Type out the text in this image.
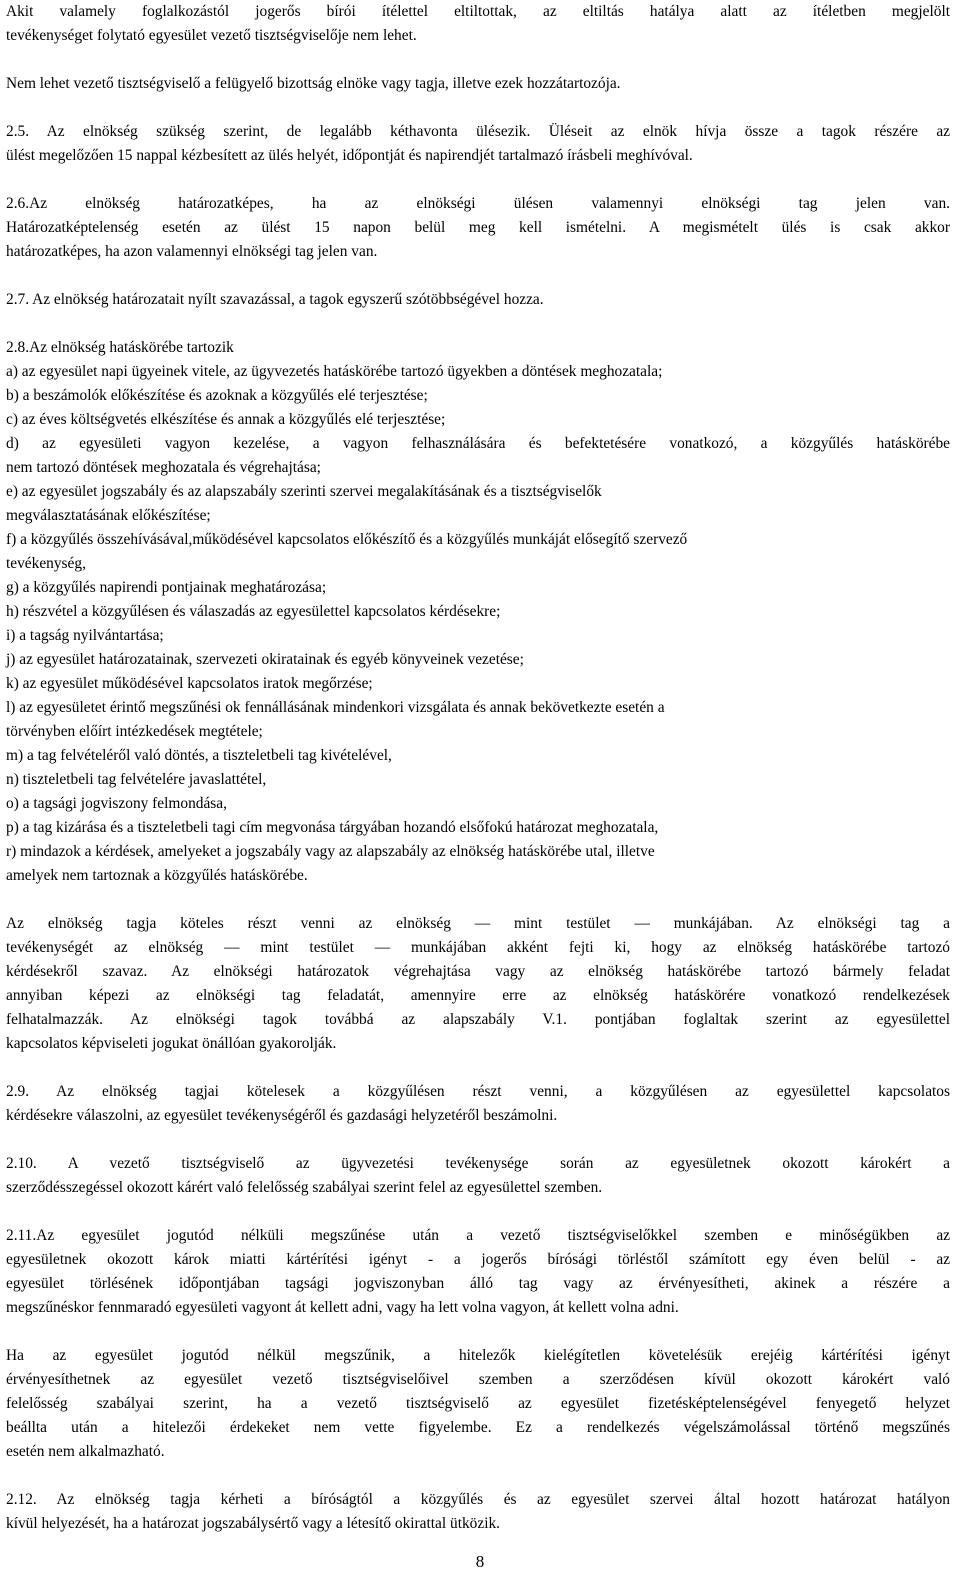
Akit valamely foglalkozástól jogerős bírói ítélettel eltiltottak, az eltiltás hatálya alatt az ítéletben megjelölt
tevékenységet folytató egyesület vezető tisztségviselője nem lehet.
Nem lehet vezető tisztségviselő a felügyelő bizottság elnöke vagy tagja, illetve ezek hozzátartozója.
2.5. Az elnökség szükség szerint, de legalább kéthavonta ülésezik. Üléseit az elnök hívja össze a tagok részére az
ülést megelőzően 15 nappal kézbesített az ülés helyét, időpontját és napirendjét tartalmazó írásbeli meghívóval.
2.6.Az elnökség határozatképes, ha az elnökségi ülésen valamennyi elnökségi tag jelen van.
Határozatképtelenség esetén az ülést 15 napon belül meg kell ismételni. A megismételt ülés is csak akkor
határozatképes, ha azon valamennyi elnökségi tag jelen van.
2.7. Az elnökség határozatait nyílt szavazással, a tagok egyszerű szótöbbségével hozza.
2.8.Az elnökség hatáskörébe tartozik
a) az egyesület napi ügyeinek vitele, az ügyvezetés hatáskörébe tartozó ügyekben a döntések meghozatala;
b) a beszámolók előkészítése és azoknak a közgyűlés elé terjesztése;
c) az éves költségvetés elkészítése és annak a közgyűlés elé terjesztése;
d) az egyesületi vagyon kezelése, a vagyon felhasználására és befektetésére vonatkozó, a közgyűlés hatáskörébe
nem tartozó döntések meghozatala és végrehajtása;
e) az egyesület jogszabály és az alapszabály szerinti szervei megalakításának és a tisztségviselők
megválasztatásának előkészítése;
f) a közgyűlés összehívásával,működésével kapcsolatos előkészítő és a közgyűlés munkáját elősegítő szervező
tevékenység,
g) a közgyűlés napirendi pontjainak meghatározása;
h) részvétel a közgyűlésen és válaszadás az egyesülettel kapcsolatos kérdésekre;
i) a tagság nyilvántartása;
j) az egyesület határozatainak, szervezeti okiratainak és egyéb könyveinek vezetése;
k) az egyesület működésével kapcsolatos iratok megőrzése;
l) az egyesületet érintő megszűnési ok fennállásának mindenkori vizsgálata és annak bekövetkezte esetén a
törvényben előírt intézkedések megtétele;
m) a tag felvételéről való döntés, a tiszteletbeli tag kivételével,
n) tiszteletbeli tag felvételére javaslattétel,
o) a tagsági jogviszony felmondása,
p) a tag kizárása és a tiszteletbeli tagi cím megvonása tárgyában hozandó elsőfokú határozat meghozatala,
r) mindazok a kérdések, amelyeket a jogszabály vagy az alapszabály az elnökség hatáskörébe utal, illetve
amelyek nem tartoznak a közgyűlés hatáskörébe.
Az elnökség tagja köteles részt venni az elnökség — mint testület — munkájában. Az elnökségi tag a
tevékenységét az elnökség — mint testület — munkájában akként fejti ki, hogy az elnökség hatáskörébe tartozó
kérdésekről szavaz. Az elnökségi határozatok végrehajtása vagy az elnökség hatáskörébe tartozó bármely feladat
annyiban képezi az elnökségi tag feladatát, amennyire erre az elnökség hatáskörére vonatkozó rendelkezések
felhatalmazzák. Az elnökségi tagok továbbá az alapszabály V.1. pontjában foglaltak szerint az egyesülettel
kapcsolatos képviseleti jogukat önállóan gyakorolják.
2.9. Az elnökség tagjai kötelesek a közgyűlésen részt venni, a közgyűlésen az egyesülettel kapcsolatos
kérdésekre válaszolni, az egyesület tevékenységéről és gazdasági helyzetéről beszámolni.
2.10. A vezető tisztségviselő az ügyvezetési tevékenysége során az egyesületnek okozott károkért a
szerződésszegéssel okozott kárért való felelősség szabályai szerint felel az egyesülettel szemben.
2.11.Az egyesület jogutód nélküli megszűnése után a vezető tisztségviselőkkel szemben e minőségükben az
egyesületnek okozott károk miatti kártérítési igényt - a jogerős bírósági törléstől számított egy éven belül - az
egyesület törlésének időpontjában tagsági jogviszonyban álló tag vagy az érvényesítheti, akinek a részére a
megszűnéskor fennmaradó egyesületi vagyont át kellett adni, vagy ha lett volna vagyon, át kellett volna adni.
Ha az egyesület jogutód nélkül megszűnik, a hitelezők kielégítetlen követelésük erejéig kártérítési igényt
érvényesíthetnek az egyesület vezető tisztségviselőivel szemben a szerződésen kívül okozott károkért való
felelősség szabályai szerint, ha a vezető tisztségviselő az egyesület fizetésképtelenségével fenyegető helyzet
beállta után a hitelezői érdekeket nem vette figyelembe. Ez a rendelkezés végelszámolással történő megszűnés
esetén nem alkalmazható.
2.12. Az elnökség tagja kérheti a bíróságtól a közgyűlés és az egyesület szervei által hozott határozat hatályon
kívül helyezését, ha a határozat jogszabálysértő vagy a létesítő okirattal ütközik.
8
